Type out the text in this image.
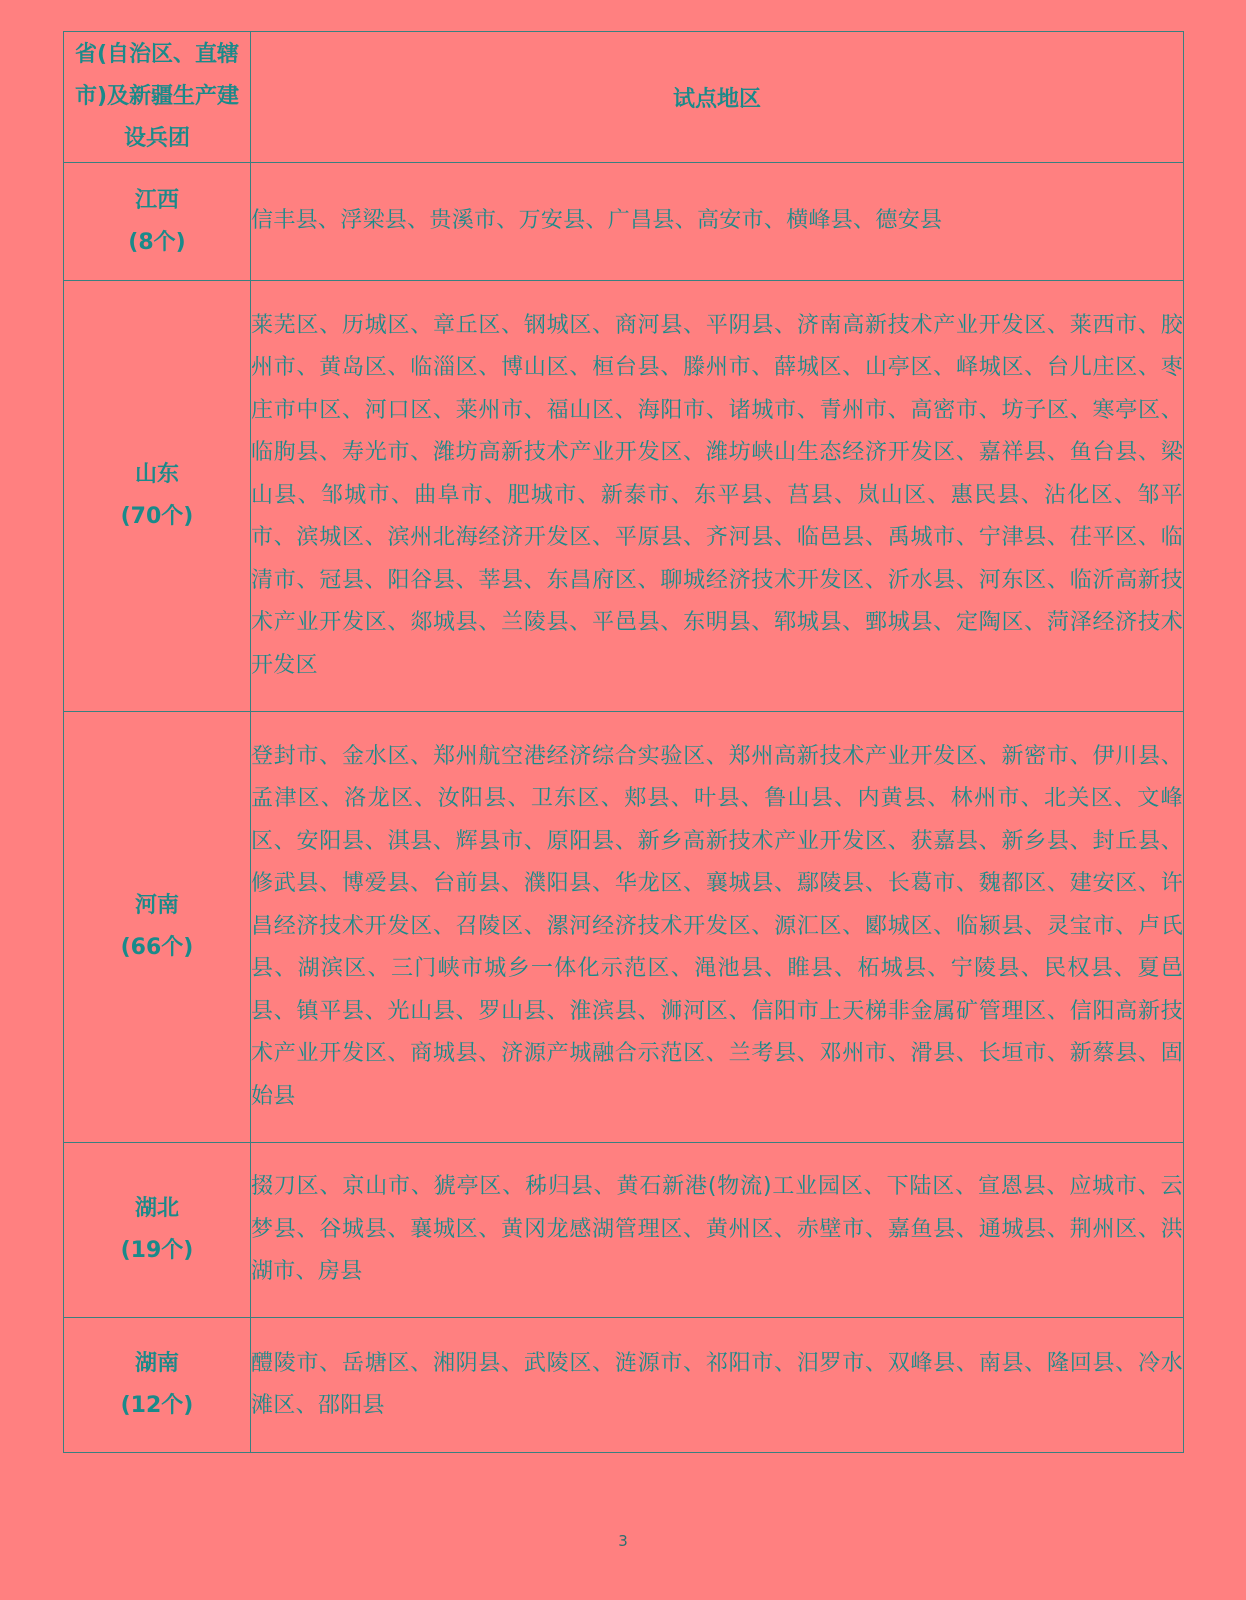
省(自治区、直辖市)及新疆生产建设兵团	试点地区

江西
(8个)	信丰县、浮梁县、贵溪市、万安县、广昌县、高安市、横峰县、德安县

山东
(70个)	莱芜区、历城区、章丘区、钢城区、商河县、平阴县、济南高新技术产业开发区、莱西市、胶州市、黄岛区、临淄区、博山区、桓台县、滕州市、薛城区、山亭区、峄城区、台儿庄区、枣庄市中区、河口区、莱州市、福山区、海阳市、诸城市、青州市、高密市、坊子区、寒亭区、临朐县、寿光市、潍坊高新技术产业开发区、潍坊峡山生态经济开发区、嘉祥县、鱼台县、梁山县、邹城市、曲阜市、肥城市、新泰市、东平县、莒县、岚山区、惠民县、沾化区、邹平市、滨城区、滨州北海经济开发区、平原县、齐河县、临邑县、禹城市、宁津县、茌平区、临清市、冠县、阳谷县、莘县、东昌府区、聊城经济技术开发区、沂水县、河东区、临沂高新技术产业开发区、郯城县、兰陵县、平邑县、东明县、郓城县、鄄城县、定陶区、菏泽经济技术开发区

河南
(66个)	登封市、金水区、郑州航空港经济综合实验区、郑州高新技术产业开发区、新密市、伊川县、孟津区、洛龙区、汝阳县、卫东区、郏县、叶县、鲁山县、内黄县、林州市、北关区、文峰区、安阳县、淇县、辉县市、原阳县、新乡高新技术产业开发区、获嘉县、新乡县、封丘县、修武县、博爱县、台前县、濮阳县、华龙区、襄城县、鄢陵县、长葛市、魏都区、建安区、许昌经济技术开发区、召陵区、漯河经济技术开发区、源汇区、郾城区、临颍县、灵宝市、卢氏县、湖滨区、三门峡市城乡一体化示范区、渑池县、睢县、柘城县、宁陵县、民权县、夏邑县、镇平县、光山县、罗山县、淮滨县、浉河区、信阳市上天梯非金属矿管理区、信阳高新技术产业开发区、商城县、济源产城融合示范区、兰考县、邓州市、滑县、长垣市、新蔡县、固始县

湖北
(19个)	掇刀区、京山市、猇亭区、秭归县、黄石新港(物流)工业园区、下陆区、宣恩县、应城市、云梦县、谷城县、襄城区、黄冈龙感湖管理区、黄州区、赤壁市、嘉鱼县、通城县、荆州区、洪湖市、房县

湖南
(12个)	醴陵市、岳塘区、湘阴县、武陵区、涟源市、祁阳市、汨罗市、双峰县、南县、隆回县、冷水滩区、邵阳县
3
